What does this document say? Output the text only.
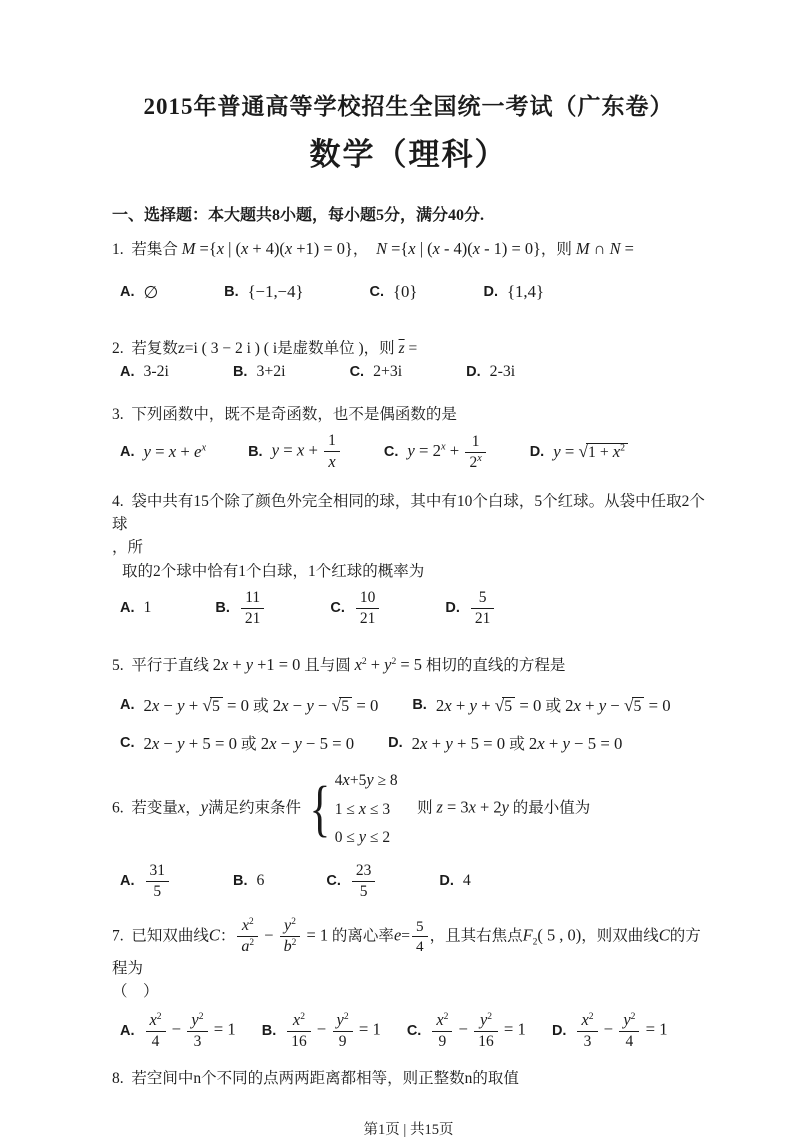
2015年普通高等学校招生全国统一考试（广东卷）
数学（理科）
一、选择题：本大题共8小题，每小题5分，满分40分.
1.  若集合 M ={x | (x + 4)(x +1) = 0}，  N ={x | (x - 4)(x - 1) = 0}，则 M ∩ N =
A. ∅	B. {−1,−4}	C. {0}	D. {1,4}
2.  若复数z=i ( 3 − 2 i ) ( i是虚数单位 )，则 $\overline{z}$ =
A. 3-2i	B. 3+2i	C. 2+3i	D. 2-3i
3.  下列函数中，既不是奇函数，也不是偶函数的是
A. $y = x + e^x$	B. $y = x + \frac{1}{x}$	C. $y = 2^x + \frac{1}{2^x}$	D. $y = √1 + x^2$
4.  袋中共有15个除了颜色外完全相同的球，其中有10个白球，5个红球。从袋中任取2个球
，所
取的2个球中恰有1个白球，1个红球的概率为
A. 1	B. $\frac{11}{21}$	C. $\frac{10}{21}$	D. $\frac{5}{21}$
5.  平行于直线 2x + y +1 = 0 且与圆 $x^2 + y^2 = 5$ 相切的直线的方程是
A. 2x − y + √5 = 0 或 2x − y − √5 = 0 B. 2x + y + √5 = 0 或 2x + y − √5 = 0
C. 2x − y + 5 = 0 或 2x − y − 5 = 0 D. 2x + y + 5 = 0 或 2x + y − 5 = 0
6.  若变量x，y满足约束条件 { 4x+5y ≥ 8
1 ≤ x ≤ 3
0 ≤ y ≤ 2
　则 z = 3x + 2y 的最小值为
A. $\frac{31}{5}$	B. 6	C. $\frac{23}{5}$	D. 4
7.  已知双曲线C： $\frac{x^2}{a^2} - \frac{y^2}{b^2} = 1$ 的离心率$e= \frac{5}{4}$ ，且其右焦点$F_2$( 5 , 0)，则双曲线C的方程为
（　）
A. $\frac{x^2}{4} - \frac{y^2}{3} = 1$ B. $\frac{x^2}{16} - \frac{y^2}{9} = 1$ C. $\frac{x^2}{9} - \frac{y^2}{16} = 1$ D. $\frac{x^2}{3} - \frac{y^2}{4} = 1$
8.  若空间中n个不同的点两两距离都相等，则正整数n的取值
第1页 | 共15页
